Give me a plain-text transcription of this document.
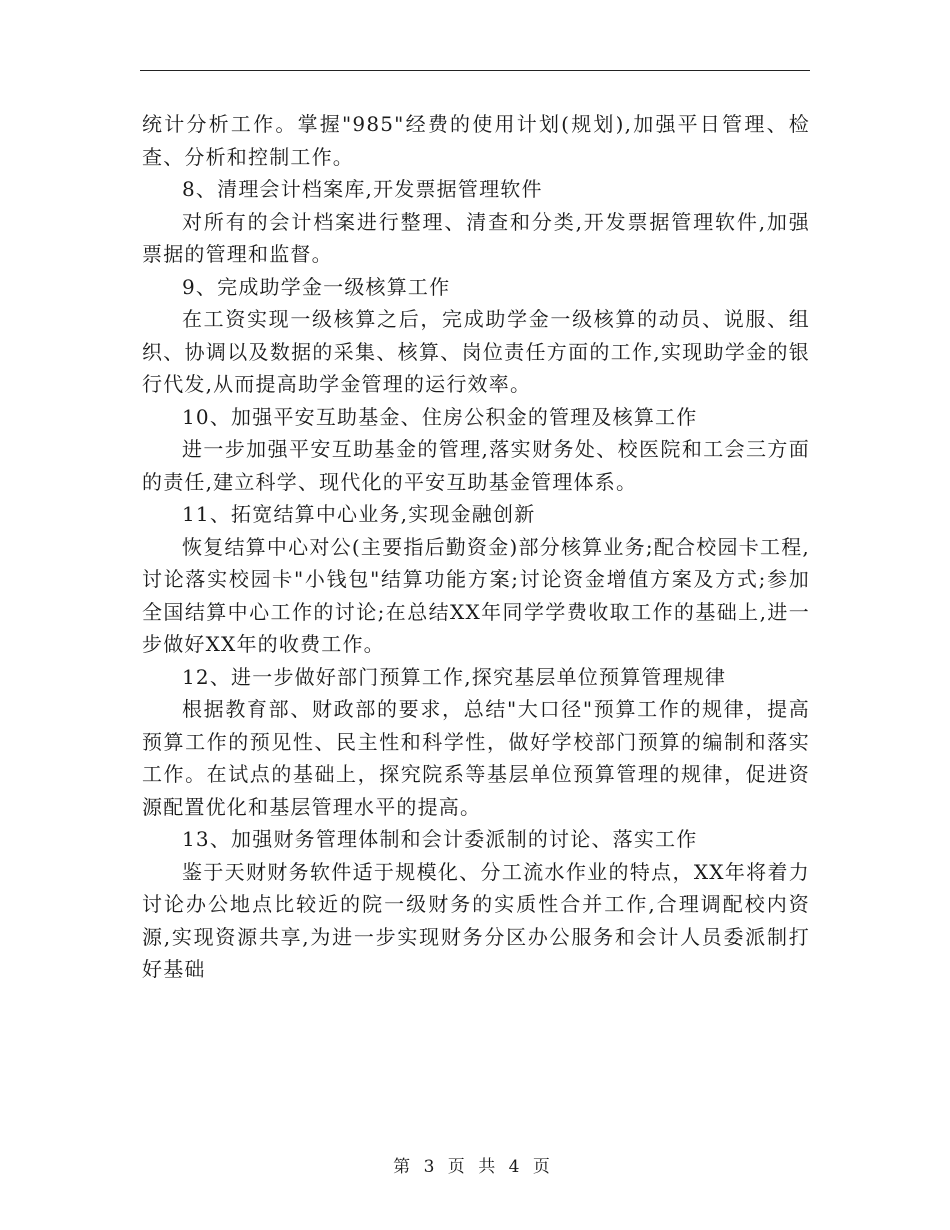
统计分析工作。掌握"985"经费的使用计划(规划),加强平日管理、检查、分析和控制工作。

8、清理会计档案库,开发票据管理软件

对所有的会计档案进行整理、清查和分类,开发票据管理软件,加强票据的管理和监督。

9、完成助学金一级核算工作

在工资实现一级核算之后，完成助学金一级核算的动员、说服、组织、协调以及数据的采集、核算、岗位责任方面的工作,实现助学金的银行代发,从而提高助学金管理的运行效率。

10、加强平安互助基金、住房公积金的管理及核算工作

进一步加强平安互助基金的管理,落实财务处、校医院和工会三方面的责任,建立科学、现代化的平安互助基金管理体系。

11、拓宽结算中心业务,实现金融创新

恢复结算中心对公(主要指后勤资金)部分核算业务;配合校园卡工程,讨论落实校园卡"小钱包"结算功能方案;讨论资金增值方案及方式;参加全国结算中心工作的讨论;在总结XX年同学学费收取工作的基础上,进一步做好XX年的收费工作。

12、进一步做好部门预算工作,探究基层单位预算管理规律

根据教育部、财政部的要求，总结"大口径"预算工作的规律，提高预算工作的预见性、民主性和科学性，做好学校部门预算的编制和落实工作。在试点的基础上，探究院系等基层单位预算管理的规律，促进资源配置优化和基层管理水平的提高。

13、加强财务管理体制和会计委派制的讨论、落实工作

鉴于天财财务软件适于规模化、分工流水作业的特点，XX年将着力讨论办公地点比较近的院一级财务的实质性合并工作,合理调配校内资源,实现资源共享,为进一步实现财务分区办公服务和会计人员委派制打好基础

第 3 页 共 4 页
